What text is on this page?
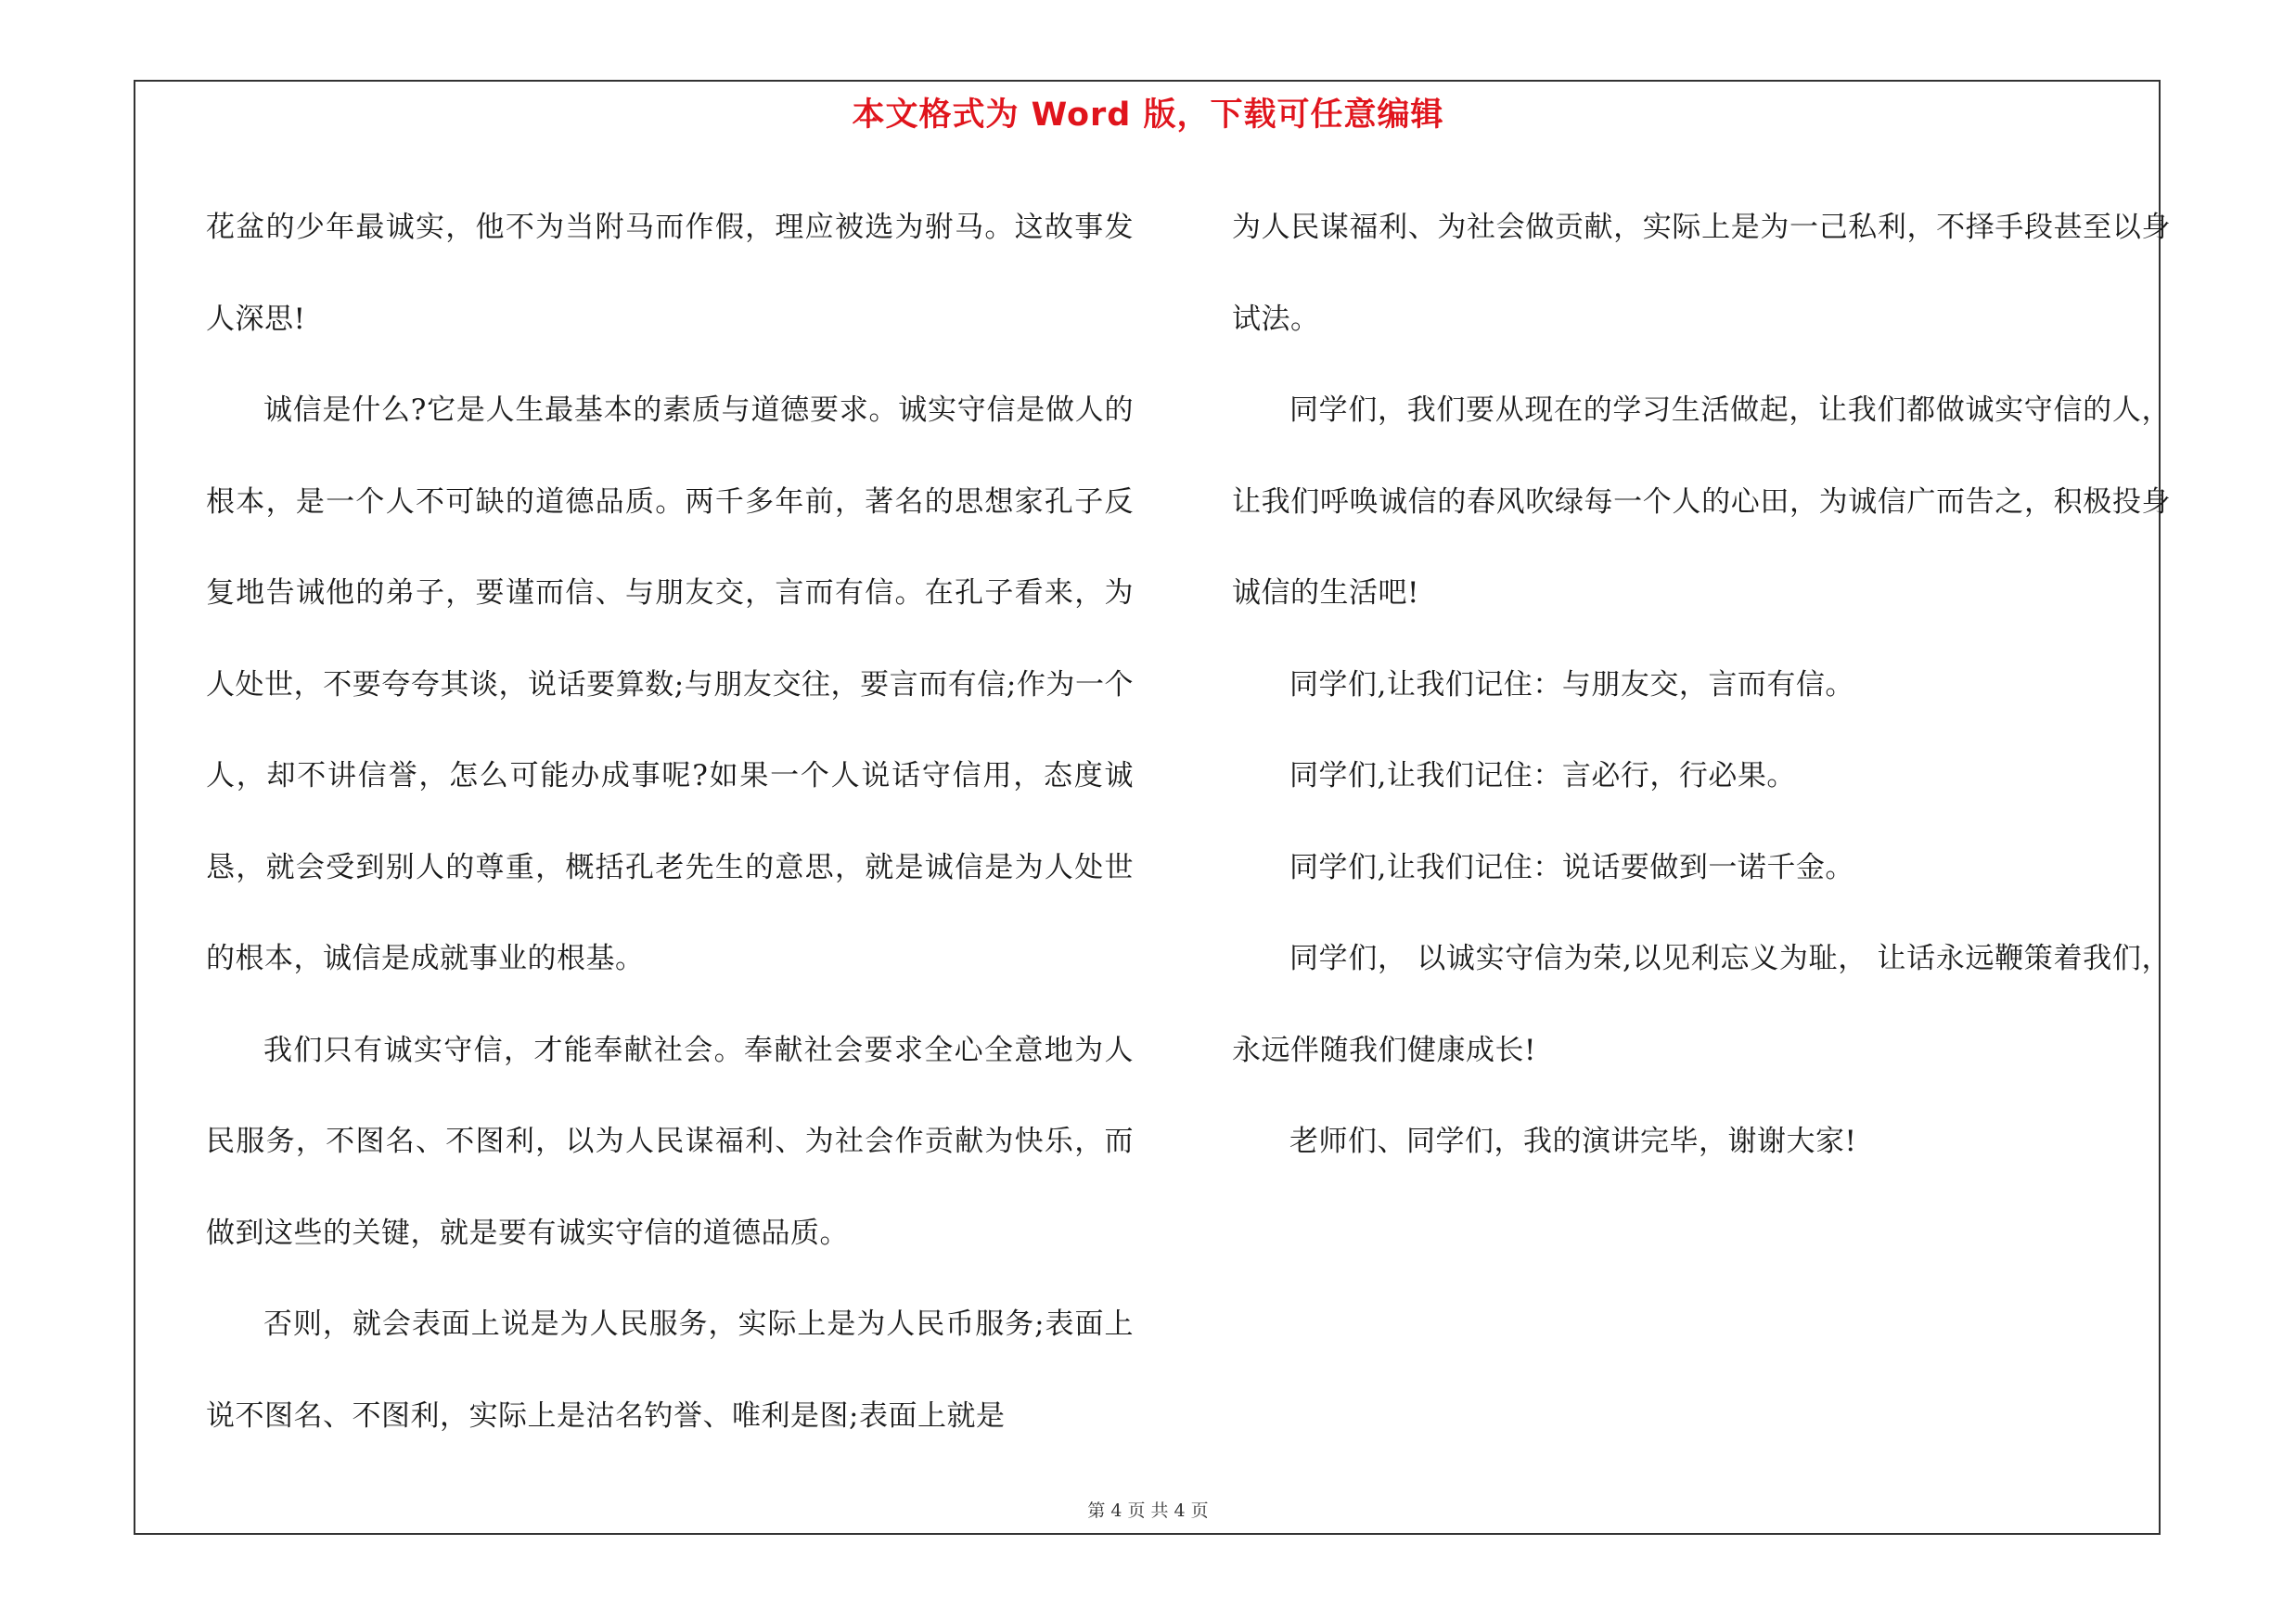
本文格式为 Word 版，下载可任意编辑

花盆的少年最诚实，他不为当附马而作假，理应被选为驸马。这故事发人深思!

诚信是什么?它是人生最基本的素质与道德要求。诚实守信是做人的根本，是一个人不可缺的道德品质。两千多年前，著名的思想家孔子反复地告诫他的弟子，要谨而信、与朋友交，言而有信。在孔子看来，为人处世，不要夸夸其谈，说话要算数;与朋友交往，要言而有信;作为一个人，却不讲信誉，怎么可能办成事呢?如果一个人说话守信用，态度诚恳，就会受到别人的尊重，概括孔老先生的意思，就是诚信是为人处世的根本，诚信是成就事业的根基。

我们只有诚实守信，才能奉献社会。奉献社会要求全心全意地为人民服务，不图名、不图利，以为人民谋福利、为社会作贡献为快乐，而做到这些的关键，就是要有诚实守信的道德品质。

否则，就会表面上说是为人民服务，实际上是为人民币服务;表面上说不图名、不图利，实际上是沽名钓誉、唯利是图;表面上就是

为人民谋福利、为社会做贡献，实际上是为一己私利，不择手段甚至以身试法。

同学们，我们要从现在的学习生活做起，让我们都做诚实守信的人，让我们呼唤诚信的春风吹绿每一个人的心田，为诚信广而告之，积极投身诚信的生活吧!

同学们,让我们记住：与朋友交，言而有信。

同学们,让我们记住：言必行，行必果。

同学们,让我们记住：说话要做到一诺千金。

同学们， 以诚实守信为荣,以见利忘义为耻， 让话永远鞭策着我们，永远伴随我们健康成长!

老师们、同学们，我的演讲完毕，谢谢大家!

第 4 页 共 4 页
